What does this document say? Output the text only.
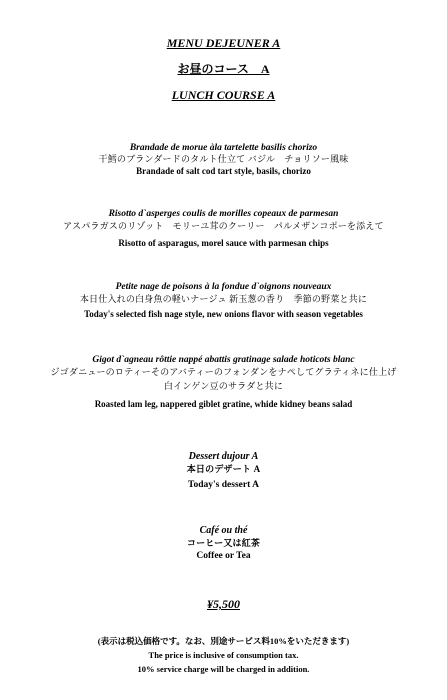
MENU DEJEUNER A
お昼のコース　A
LUNCH COURSE A
Brandade de morue àla tartelette basilis chorizo
干鱈のブランダードのタルト仕立て バジル　チョリソー風味
Brandade of salt cod tart style, basils, chorizo
Risotto d`asperges coulis de morilles copeaux de parmesan
アスパラガスのリゾット　モリーユ茸のクーリー　パルメザンコポーを添えて
Risotto of asparagus, morel sauce with parmesan chips
Petite nage de poisons à la fondue d`oignons nouveaux
本日仕入れの白身魚の軽いナージュ 新玉葱の香り　季節の野菜と共に
Today's selected fish nage style, new onions flavor with season vegetables
Gigot d`agneau rôttie nappé abattis gratinage salade hoticots blanc
ジゴダニューのロティーそのアバティーのフォンダンをナペしてグラティネに仕上げ
白インゲン豆のサラダと共に
Roasted lam leg, nappered giblet gratine, whide kidney beans salad
Dessert dujour A
本日のデザート A
Today's dessert A
Café ou thé
コーヒー又は紅茶
Coffee or Tea
¥5,500
(表示は税込価格です。なお、別途サービス料10%をいただきます)
The price is inclusive of consumption tax.
10% service charge will be charged in addition.
